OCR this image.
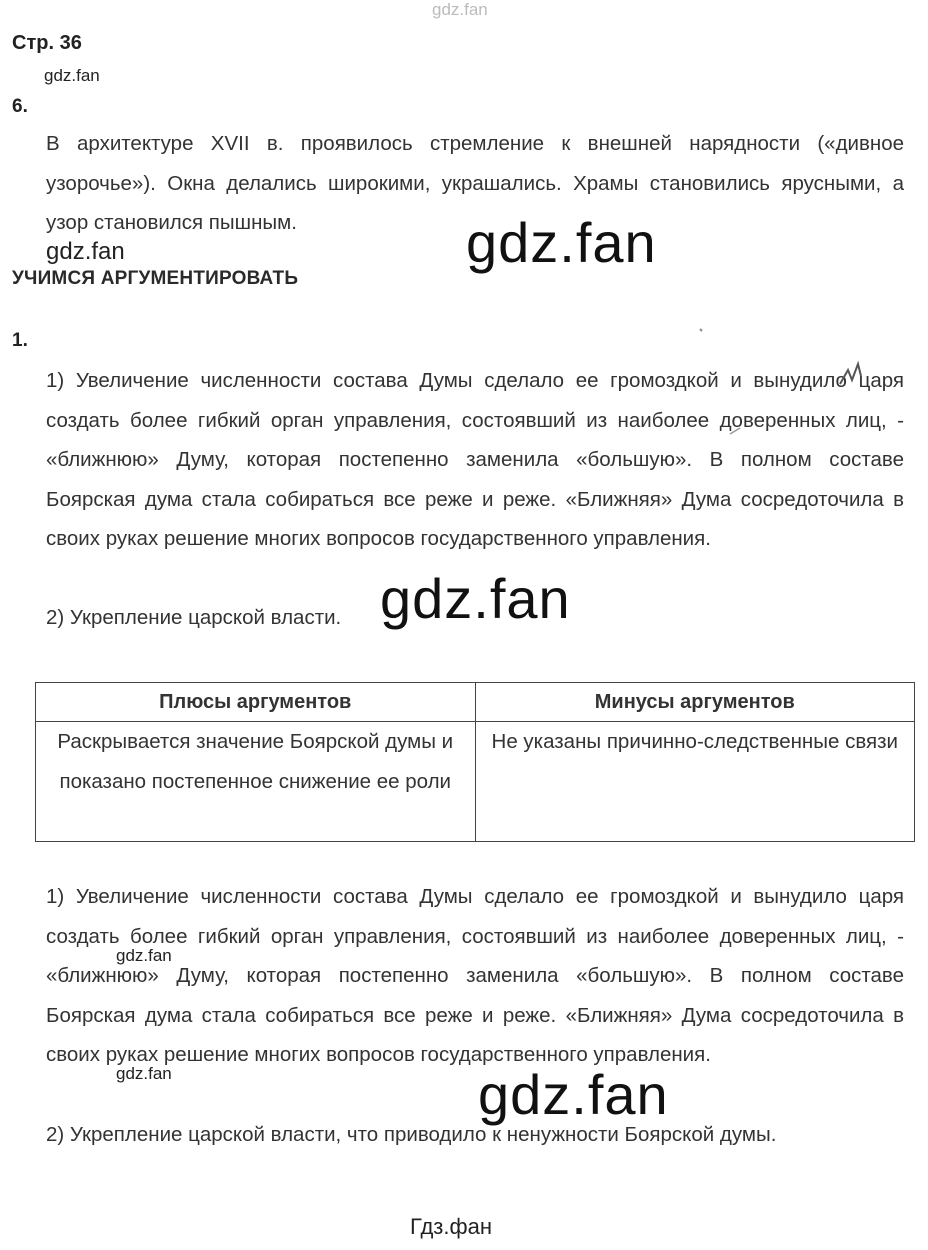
gdz.fan
Стр. 36
gdz.fan
6.
В архитектуре XVII в. проявилось стремление к внешней нарядности («дивное узорочье»). Окна делались широкими, украшались. Храмы становились ярусными, а узор становился пышным.
gdz.fan	gdz.fan
УЧИМСЯ АРГУМЕНТИРОВАТЬ
1.
1) Увеличение численности состава Думы сделало ее громоздкой и вынудило царя создать более гибкий орган управления, состоявший из наиболее доверенных лиц, - «ближнюю» Думу, которая постепенно заменила «большую». В полном составе Боярская дума стала собираться все реже и реже. «Ближняя» Дума сосредоточила в своих руках решение многих вопросов государственного управления.
2) Укрепление царской власти. gdz.fan
Плюсы аргументов	Минусы аргументов
Раскрывается значение Боярской думы и показано постепенное снижение ее роли	Не указаны причинно-следственные связи
1) Увеличение численности состава Думы сделало ее громоздкой и вынудило царя создать более гибкий орган управления, состоявший из наиболее доверенных лиц, - «ближнюю» Думу, которая постепенно заменила «большую». В полном составе Боярская дума стала собираться все реже и реже. «Ближняя» Дума сосредоточила в своих руках решение многих вопросов государственного управления.
2) Укрепление царской власти, что приводило к ненужности Боярской думы.
gdz.fan
gdz.fan	gdz.fan
Гдз.фан
